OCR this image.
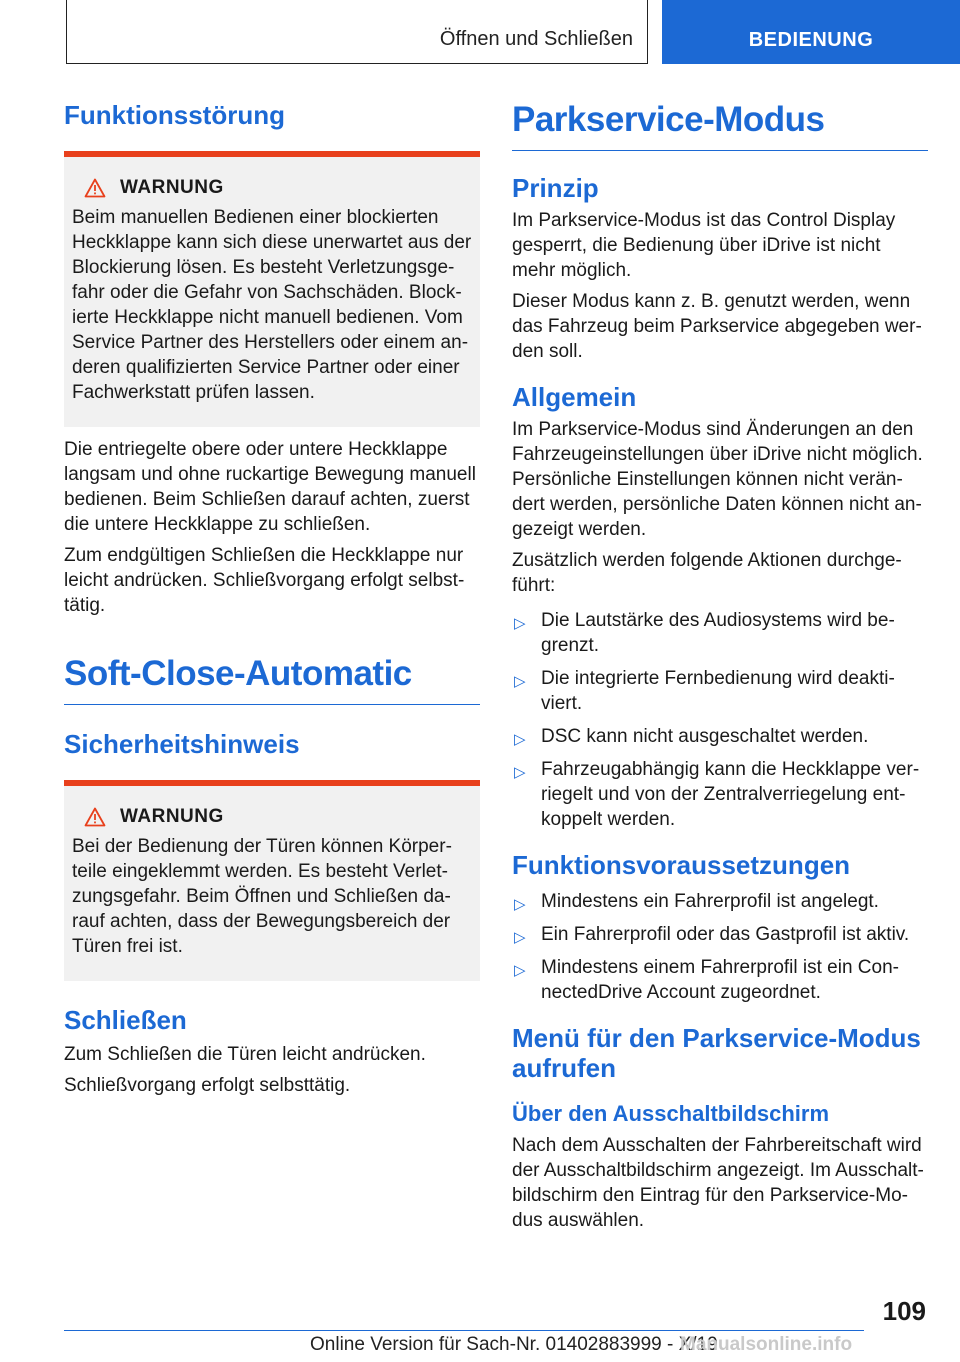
Öffnen und Schließen	BEDIENUNG
Funktionsstörung
WARNUNG

Beim manuellen Bedienen einer blockierten Heckklappe kann sich diese unerwartet aus der Blockierung lösen. Es besteht Verletzungsgefahr oder die Gefahr von Sachschäden. Blockierte Heckklappe nicht manuell bedienen. Vom Service Partner des Herstellers oder einem anderen qualifizierten Service Partner oder einer Fachwerkstatt prüfen lassen.

Die entriegelte obere oder untere Heckklappe langsam und ohne ruckartige Bewegung manuell bedienen. Beim Schließen darauf achten, zuerst die untere Heckklappe zu schließen.

Zum endgültigen Schließen die Heckklappe nur leicht andrücken. Schließvorgang erfolgt selbsttätig.

Soft-Close-Automatic
Sicherheitshinweis
WARNUNG

Bei der Bedienung der Türen können Körperteile eingeklemmt werden. Es besteht Verletzungsgefahr. Beim Öffnen und Schließen darauf achten, dass der Bewegungsbereich der Türen frei ist.

Schließen

Zum Schließen die Türen leicht andrücken.

Schließvorgang erfolgt selbsttätig.

Parkservice-Modus
Prinzip

Im Parkservice-Modus ist das Control Display gesperrt, die Bedienung über iDrive ist nicht mehr möglich.

Dieser Modus kann z. B. genutzt werden, wenn das Fahrzeug beim Parkservice abgegeben werden soll.

Allgemein

Im Parkservice-Modus sind Änderungen an den Fahrzeugeinstellungen über iDrive nicht möglich. Persönliche Einstellungen können nicht verändert werden, persönliche Daten können nicht angezeigt werden.

Zusätzlich werden folgende Aktionen durchgeführt:

▷ Die Lautstärke des Audiosystems wird begrenzt.
▷ Die integrierte Fernbedienung wird deaktiviert.
▷ DSC kann nicht ausgeschaltet werden.
▷ Fahrzeugabhängig kann die Heckklappe verriegelt und von der Zentralverriegelung entkoppelt werden.
Funktionsvoraussetzungen
▷ Mindestens ein Fahrerprofil ist angelegt.
▷ Ein Fahrerprofil oder das Gastprofil ist aktiv.
▷ Mindestens einem Fahrerprofil ist ein ConnectedDrive Account zugeordnet.
Menü für den Parkservice-Modus aufrufen
Über den Ausschaltbildschirm

Nach dem Ausschalten der Fahrbereitschaft wird der Ausschaltbildschirm angezeigt. Im Ausschaltbildschirm den Eintrag für den Parkservice-Modus auswählen.

109
Online Version für Sach-Nr. 01402883999 - X/19
Manualsonline.info
